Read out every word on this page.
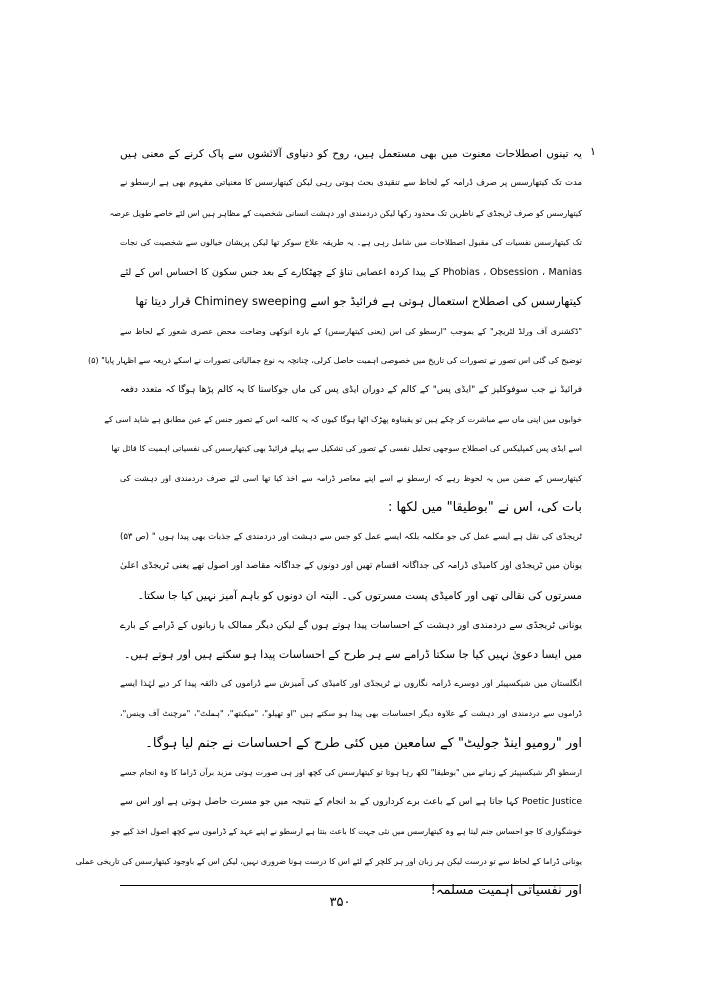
۱
یہ تینوں اصطلاحات معنوت میں بھی مستعمل ہیں، روح کو دنیاوی آلائشوں سے پاک کرنے کے معنی ہیں
مدت تک کیتھارسس پر صرف ڈرامہ کے لحاظ سے تنقیدی بحث ہوتی رہی لیکن کیتھارسس کا معنیاتی مفہوم بھی ہے ارسطو نے
کیتھارسس کو صرف ٹریجڈی کے ناظرین تک محدود رکھا لیکن دردمندی اور دہشت انسانی شخصیت کے مظاہر ہیں اس لئے خاصے طویل عرصہ
تک کیتھارسس نفسیات کی مقبول اصطلاحات میں شامل رہی ہے۔ یہ طریقہ علاج سوکر تھا لیکن پریشان خیالوں سے شخصیت کی نجات
Phobias ، Obsession ، Manias کے پیدا کردہ اعصابی تناؤ کے چھٹکارے کے بعد جس سکون کا احساس اس کے لئے
کیتھارسس کی اصطلاح استعمال ہوتی ہے فرائیڈ جو اسے Chiminey sweeping قرار دیتا تھا
"ڈکشنری آف ورلڈ لٹریچر" کے بموجب "ارسطو کی اس (یعنی کیتھارسس) کے بارہ انوکھی وضاحت محض عصری شعور کے لحاظ سے
توضیح کی گئی اس تصور نے تصورات کی تاریخ میں خصوصی اہمیت حاصل کرلی، چنانچہ یہ نوع جمالیاتی تصورات نے اسکے ذریعہ سے اظہار پایا" (۵)
فرائیڈ نے جب سوفوکلیز کے "ایڈی پس" کے کالم کے دوران ایڈی پس کی ماں جوکاستا کا یہ کالم پڑھا ہوگا کہ متعدد دفعہ
خوابوں میں اپنی ماں سے مباشرت کر چکے ہیں تو یقیناوہ پھڑک اٹھا ہوگا کیوں کہ یہ کالمہ اس کے تصور جنس کے عین مطابق ہے شاید اسی کے
اسے ایڈی پس کمپلیکس کی اصطلاح سوجھی تحلیل نفسی کے تصور کی تشکیل سے پہلے فرائیڈ بھی کیتھارسس کی نفسیاتی اہمیت کا قائل تھا
کیتھارسس کے ضمن میں یہ لحوظ رہے کہ ارسطو نے اسے اپنے معاصر ڈرامہ سے اخذ کیا تھا اسی لئے صرف دردمندی اور دہشت کی
بات کی، اس نے "بوطیقا" میں لکھا :
ٹریجڈی کی نقل ہے ایسے عمل کی جو مکلمہ بلکہ ایسے عمل کو جس سے دہشت اور دردمندی کے جذبات بھی پیدا ہوں " (ص ۵۳)
یونان میں ٹریجڈی اور کامیڈی ڈرامہ کی جداگانہ اقسام تھیں اور دونوں کے جداگانہ مقاصد اور اصول تھے یعنی ٹریجڈی اعلیٰ
مسرتوں کی نقالی تھی اور کامیڈی پست مسرتوں کی۔ البتہ ان دونوں کو باہم آمیز نہیں کیا جا سکتا۔
یونانی ٹریجڈی سے دردمندی اور دہشت کے احساسات پیدا ہوتے ہوں گے لیکن دیگر ممالک یا زبانوں کے ڈرامے کے بارے
میں ایسا دعویٰ نہیں کیا جا سکتا ڈرامے سے ہر طرح کے احساسات پیدا ہو سکتے ہیں اور ہوتے ہیں۔
انگلستان میں شیکسپیئر اور دوسرے ڈرامہ نگاروں نے ٹریجڈی اور کامیڈی کی آمیزش سے ڈراموں کی ذائقہ پیدا کر دیے لہٰذا ایسے
ڈراموں سے دردمندی اور دہشت کے علاوہ دیگر احساسات بھی پیدا ہو سکتے ہیں "او تھیلو"، "میکبتھ"، "ہملٹ"، "مرچنٹ آف وینس"،
اور "رومیو اینڈ جولیٹ" کے سامعین میں کئی طرح کے احساسات نے جنم لیا ہوگا۔
ارسطو اگر شیکسپیئر کے زمانے میں "بوطیقا" لکھ رہا ہوتا تو کیتھارسس کی کچھ اور ہی صورت ہوتی مزید برآں ڈراما کا وہ انجام جسے
Poetic Justice کہا جاتا ہے اس کے باعث برے کرداروں کے بد انجام کے نتیجہ میں جو مسرت حاصل ہوتی ہے اور اس سے
خوشگواری کا جو احساس جنم لیتا ہے وہ کیتھارسس میں نئی جہت کا باعث بنتا ہے ارسطو نے اپنے عہد کے ڈراموں سے کچھ اصول اخذ کیے جو
یونانی ڈراما کے لحاظ سے تو درست لیکن ہر زبان اور ہر کلچر کے لئے اس کا درست ہونا ضروری نہیں، لیکن اس کے باوجود کیتھارسس کی تاریخی عملی
اور نفسیاتی اہمیت مسلمہ!
۳۵۰
